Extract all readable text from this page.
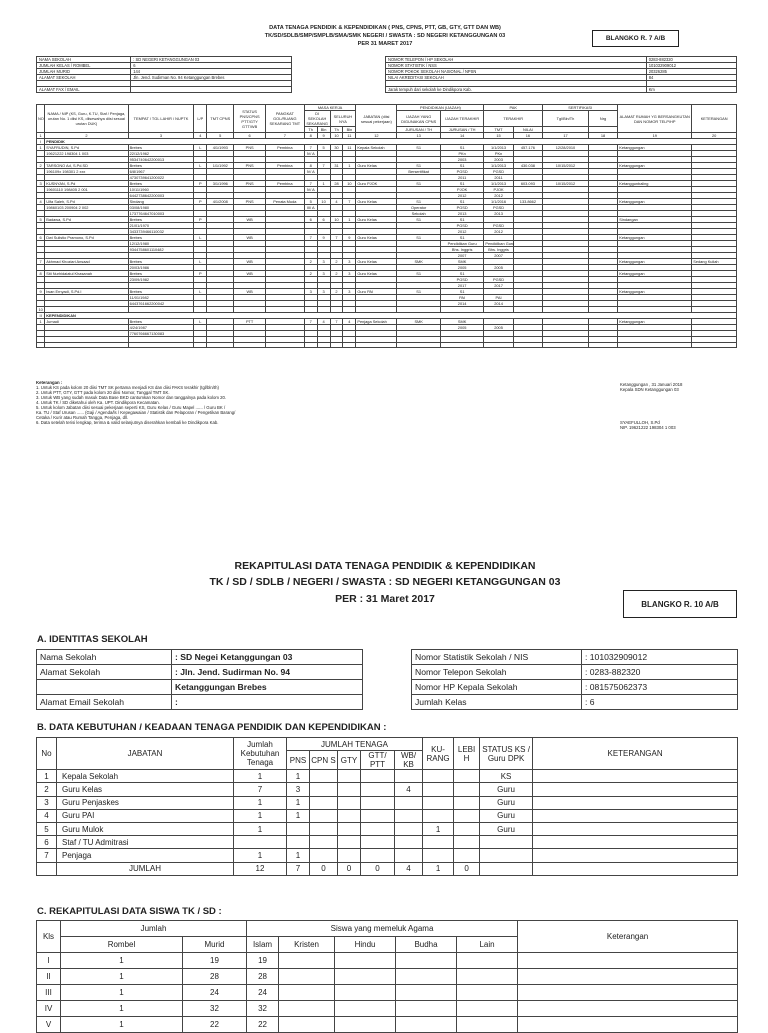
DATA TENAGA PENDIDIK & KEPENDIDIKAN ( PNS, CPNS, PTT, GB, GTY, GTT DAN WB)
TK/SD/SDLB/SMP/SMPLB/SMA/SMK NEGERI / SWASTA : SD NEGERI KETANGGUNGAN 03
PER 31 MARET 2017
BLANGKO R. 7 A/B
NAMA SEKOLAH	: SD NEGERI KETANGGUNGAN 03
JUMLAH KELAS / ROMBEL	6
JUMLAH MURID	144
ALAMAT SEKOLAH	Jln. Jend. Sudirman No. 94 Ketanggungan Brebes

ALAMAT FAX / EMAIL	
NOMOR TELEPON / HP SEKOLAH	0283-882320
NOMOR STATISTIK / NSS	101032909012
NOMOR POKOK SEKOLAH NASIONAL / NPSN	20326285
NILAI AKREDITASI SEKOLAH	84

Jarak tempuh dari sekolah ke Dindikpora Kab.	Km
NO	NAMA / NIP (KS, Guru, K.TU, Staf / Penjaga, urutan No. 1 diisi KS, dilsewahya diisi sesuai urutan DUK)	TEMPAT / TGL LAHIR / NUPTK	L/P	TMT CPNS	STATUS PNS/CPNS PTT/GTY GTT/WB	PANGKAT GOL/RUANG SEKARANG TMT	MASA KERJA				JABATAN (diisi sesuai pekerjaan)	PENDIDIKAN (IJAZAH)		PAK		SERTIFIKASI		ALAMAT RUMAH YG BERSANGKUTAN DAN NOMOR TELP/HP	KETERANGAN
							DI SEKOLAH SEKARANG		SELURUH NYA			IJAZAH YANG DIGUNAKAN CPNS	IJAZAH TERAKHIR	TERAKHIR		Tgl/Bln/Th	Nrg		
							Th	Bln	Th	Bln		JURUSAN / TH	JURUSAN / TH	TMT	NILAI				
1	2	3	4	5	6	7	8	9	10	11	12	13	14	15	16	17	18	19	20
I	PENDIDIK																		
1	SYAFRUDIN, S.Pd	Brebes	L	4/1/1993	PNS	Pembina	7	5	30	11	Kepala Sekolah	S1	S1	1/1/2013	457.176	12/28/2010		Ketanggungan	
	19621222 198304 1 003	22/12/1962					IV/ A						PKn	PKn					
		9534740642200013											2003	2003					
2	TARSONO Ad, S.Pd.SD	Brebes	L	1/1/1992	PNS	Pembina	8	7	31	1	Guru Kelas	S1	S1	1/1/2013	430.038	10/15/2012		Ketanggungan	
	196109x 198301 2 xxx	6/8/1967					IV/ A					Bersertifikat	PGSD	PGSD					
		4730739641200022											2011	2011					
3	KUSNYAN, S.Pd	Brebes	P	3/1/1996	PNS	Pembina	7	1	28	10	Guru PJOK	S1	S1	1/1/2013	603.093	10/15/2012		Ketanggunbaling	
	19601110 198405 2 001	10/11/1960					IV/ A						PJOK	PJOK					
		6442738642200003											2012	2012					
4	Ulfa Saleh, S.Pd	Sindang	P	4/1/2008	PNS	Penata Muda	5	10	4	7	Guru Kelas	S1	S1	1/1/2016	133.8662			Ketanggungan	
	19860103 200904 2 002	03/08/1980					III/ A					Operator	PGSD	PGSD					
		1737764647010003										Sekolah	2013	2013					
5	Badawa, S.Pd	Brebes	P		WB		6	6	10	1	Guru Kelas	S1	S1					Sindangan	
		21/01/1970											PGSD	PGSD					
		3433739466110032											2012	2012					
6	Dwi Sulistio Pramono, S.Pd	Brebes	L		WB		7	9	7	9	Guru Kelas	S1	S1					Ketanggungan	
		12/12/1980											Pendidikan Guru	Pendidikan Guru					
		9344758601110482											Bhs. Inggris	Bhs. Inggris					
													2007	2007					
7	Akhmad Khoziari Ansaad	Brebes	L		WB		2	3	2	3	Guru Kelas	SMK	SMK					Ketanggungan	Sedang Kuliah
		20/03/1986											2005	2005					
8	Siti Nurhidaiatul Khasanah	Brebes	P		WB		2	3	2	3	Guru Kelas	S1	S1					Ketanggungan	
		23/09/1982											PGSD	PGSD					
													2017	2017					
9	Iwan Ernyadi, S.Pd.I	Brebes	L		WB		3	3	2	3	Guru PAI	S1	S1					Ketanggungan	
		11/01/1982											PAI	PAI					
		6443761662200042											2014	2014					
10																			
II	KEPENDIDIKAN																		
1	Jumadi	Brebes	L		PTT		7	4	7	4	Penjaga Sekolah	SMK	SMK					Ketanggungan	
		4/24/1987											2005	2005					
		7760766667130083																	

Keterangan :
1. Untuk KS pada kolom 20 diisi TMT SK pertama menjadi KS dan diisi PAKS terakhir (tgl/bln/th)
2. Untuk PTT, GTY, GTT pada kolom 20 diisi Nomor, Tanggal TMT SK.
3. Untuk WB yang sudah masuk Data Base BKD cantumkan Nomor dan tanggalnya pada kolom 20.
4. Untuk TK / SD diketahui oleh Ka. UPT. Dindikpora Kecamatan.
5. Untuk kolom Jabatan diisi sesuai pekerjaan seperti KS, Guru Kelas / Guru Mapel ...... / Guru BK /
Ka. TU / Staf Urusan ...... (Gaji / Agenda/ls / Kepegawaian / Statistik dan Pelaporan / Pengetikan Barang/
Cetaka / Kurir atau Rumah Tangga, Penjaga, dll.
6. Data setelah terisi lengkap, terima & valid selanjutnya diserahkan kembali ke Dindikpora Kab.
Ketanggungan , 31 Januari 2018
Kepala SDN Ketanggungan 03
SYAEFULLOH, S.Pd
NIP. 19621222 198304 1 003
REKAPITULASI DATA TENAGA PENDIDIK & KEPENDIDIKAN
TK / SD / SDLB / NEGERI / SWASTA : SD NEGERI KETANGGUNGAN 03
PER : 31 Maret 2017	BLANGKO R. 10 A/B
A. IDENTITAS SEKOLAH
Nama Sekolah	: SD Negei Ketanggungan 03
Alamat Sekolah	: Jln. Jend. Sudirman No. 94
	Ketanggungan Brebes
Alamat Email Sekolah	:
Nomor Statistik Sekolah / NIS	: 101032909012
Nomor Telepon Sekolah	: 0283-882320
Nomor HP Kepala Sekolah	: 081575062373
Jumlah Kelas	: 6
B. DATA KEBUTUHAN / KEADAAN TENAGA PENDIDIK DAN KEPENDIDIKAN :
No	JABATAN	Jumlah Kebutuhan Tenaga	JUMLAH TENAGA					KU- RANG	LEBI H	STATUS KS / Guru DPK	KETERANGAN
			PNS	CPN S	GTY	GTT/ PTT	WB/ KB				
1	Kepala Sekolah	1	1							KS	
2	Guru Kelas	7	3				4			Guru	
3	Guru Penjaskes	1	1							Guru	
4	Guru PAI	1	1							Guru	
5	Guru Mulok	1						1		Guru	
6	Staf / TU Admitrasi										
7	Penjaga	1	1								
	JUMLAH	12	7	0	0	0	4	1	0		
C. REKAPITULASI DATA SISWA TK / SD :
Kls	Jumlah		Siswa yang memeluk Agama					Keterangan
	Rombel	Murid	Islam	Kristen	Hindu	Budha	Lain	
I	1	19	19					
II	1	28	28					
III	1	24	24					
IV	1	32	32					
V	1	22	22					
